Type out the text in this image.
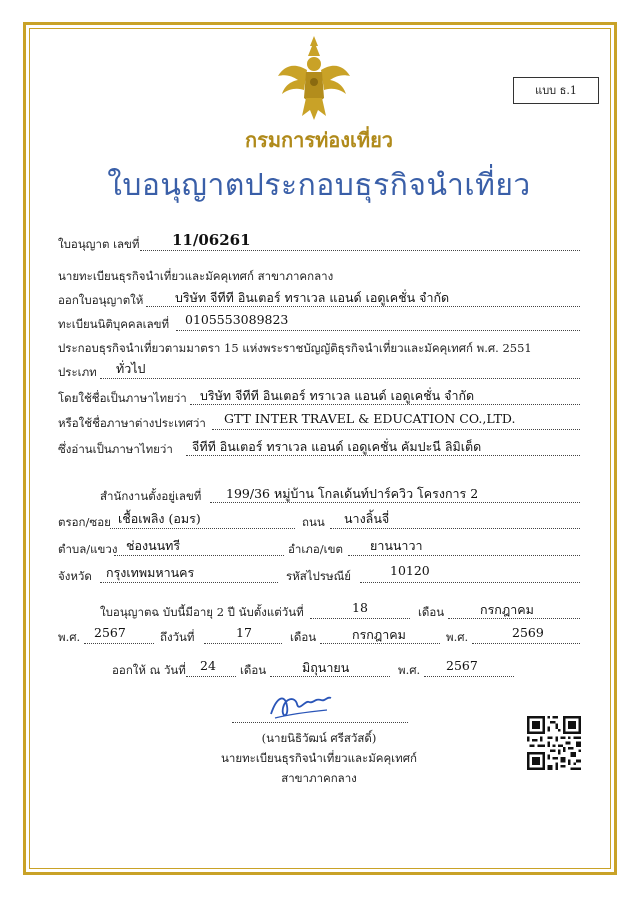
แบบ ธ.1
กรมการท่องเที่ยว
ใบอนุญาตประกอบธุรกิจนำเที่ยว
ใบอนุญาต เลขที่ 11/06261
นายทะเบียนธุรกิจนำเที่ยวและมัคคุเทศก์ สาขาภาคกลาง
ออกใบอนุญาตให้	บริษัท จีทีที อินเตอร์ ทราเวล แอนด์ เอดูเคชั่น จำกัด
ทะเบียนนิติบุคคลเลขที่ 0105553089823
ประกอบธุรกิจนำเที่ยวตามมาตรา 15 แห่งพระราชบัญญัติธุรกิจนำเที่ยวและมัคคุเทศก์ พ.ศ. 2551
ประเภท ทั่วไป
โดยใช้ชื่อเป็นภาษาไทยว่า บริษัท จีทีที อินเตอร์ ทราเวล แอนด์ เอดูเคชั่น จำกัด
หรือใช้ชื่อภาษาต่างประเทศว่า GTT INTER TRAVEL & EDUCATION CO.,LTD.
ซึ่งอ่านเป็นภาษาไทยว่า จีทีที อินเตอร์ ทราเวล แอนด์ เอดูเคชั่น คัมปะนี ลิมิเต็ด
สำนักงานตั้งอยู่เลขที่ 199/36 หมู่บ้าน โกลเด้นท์ปาร์ควิว โครงการ 2
ตรอก/ซอย เชื้อเพลิง (อมร)	ถนน นางลิ้นจี่
ตำบล/แขวง ช่องนนทรี	อำเภอ/เขต ยานนาวา
จังหวัด กรุงเทพมหานคร	รหัสไปรษณีย์	10120
ใบอนุญาตฉ บับนี้มีอายุ 2 ปี นับตั้งแต่วันที่	18	เดือน	กรกฎาคม
พ.ศ. 2567	ถึงวันที่	17	เดือน	กรกฎาคม	พ.ศ.	2569
ออกให้ ณ วันที่ 24 เดือน	มิถุนายน	พ.ศ. 2567
(นายนิธิวัฒน์ ศรีสวัสดิ์)
นายทะเบียนธุรกิจนำเที่ยวและมัคคุเทศก์
สาขาภาคกลาง
